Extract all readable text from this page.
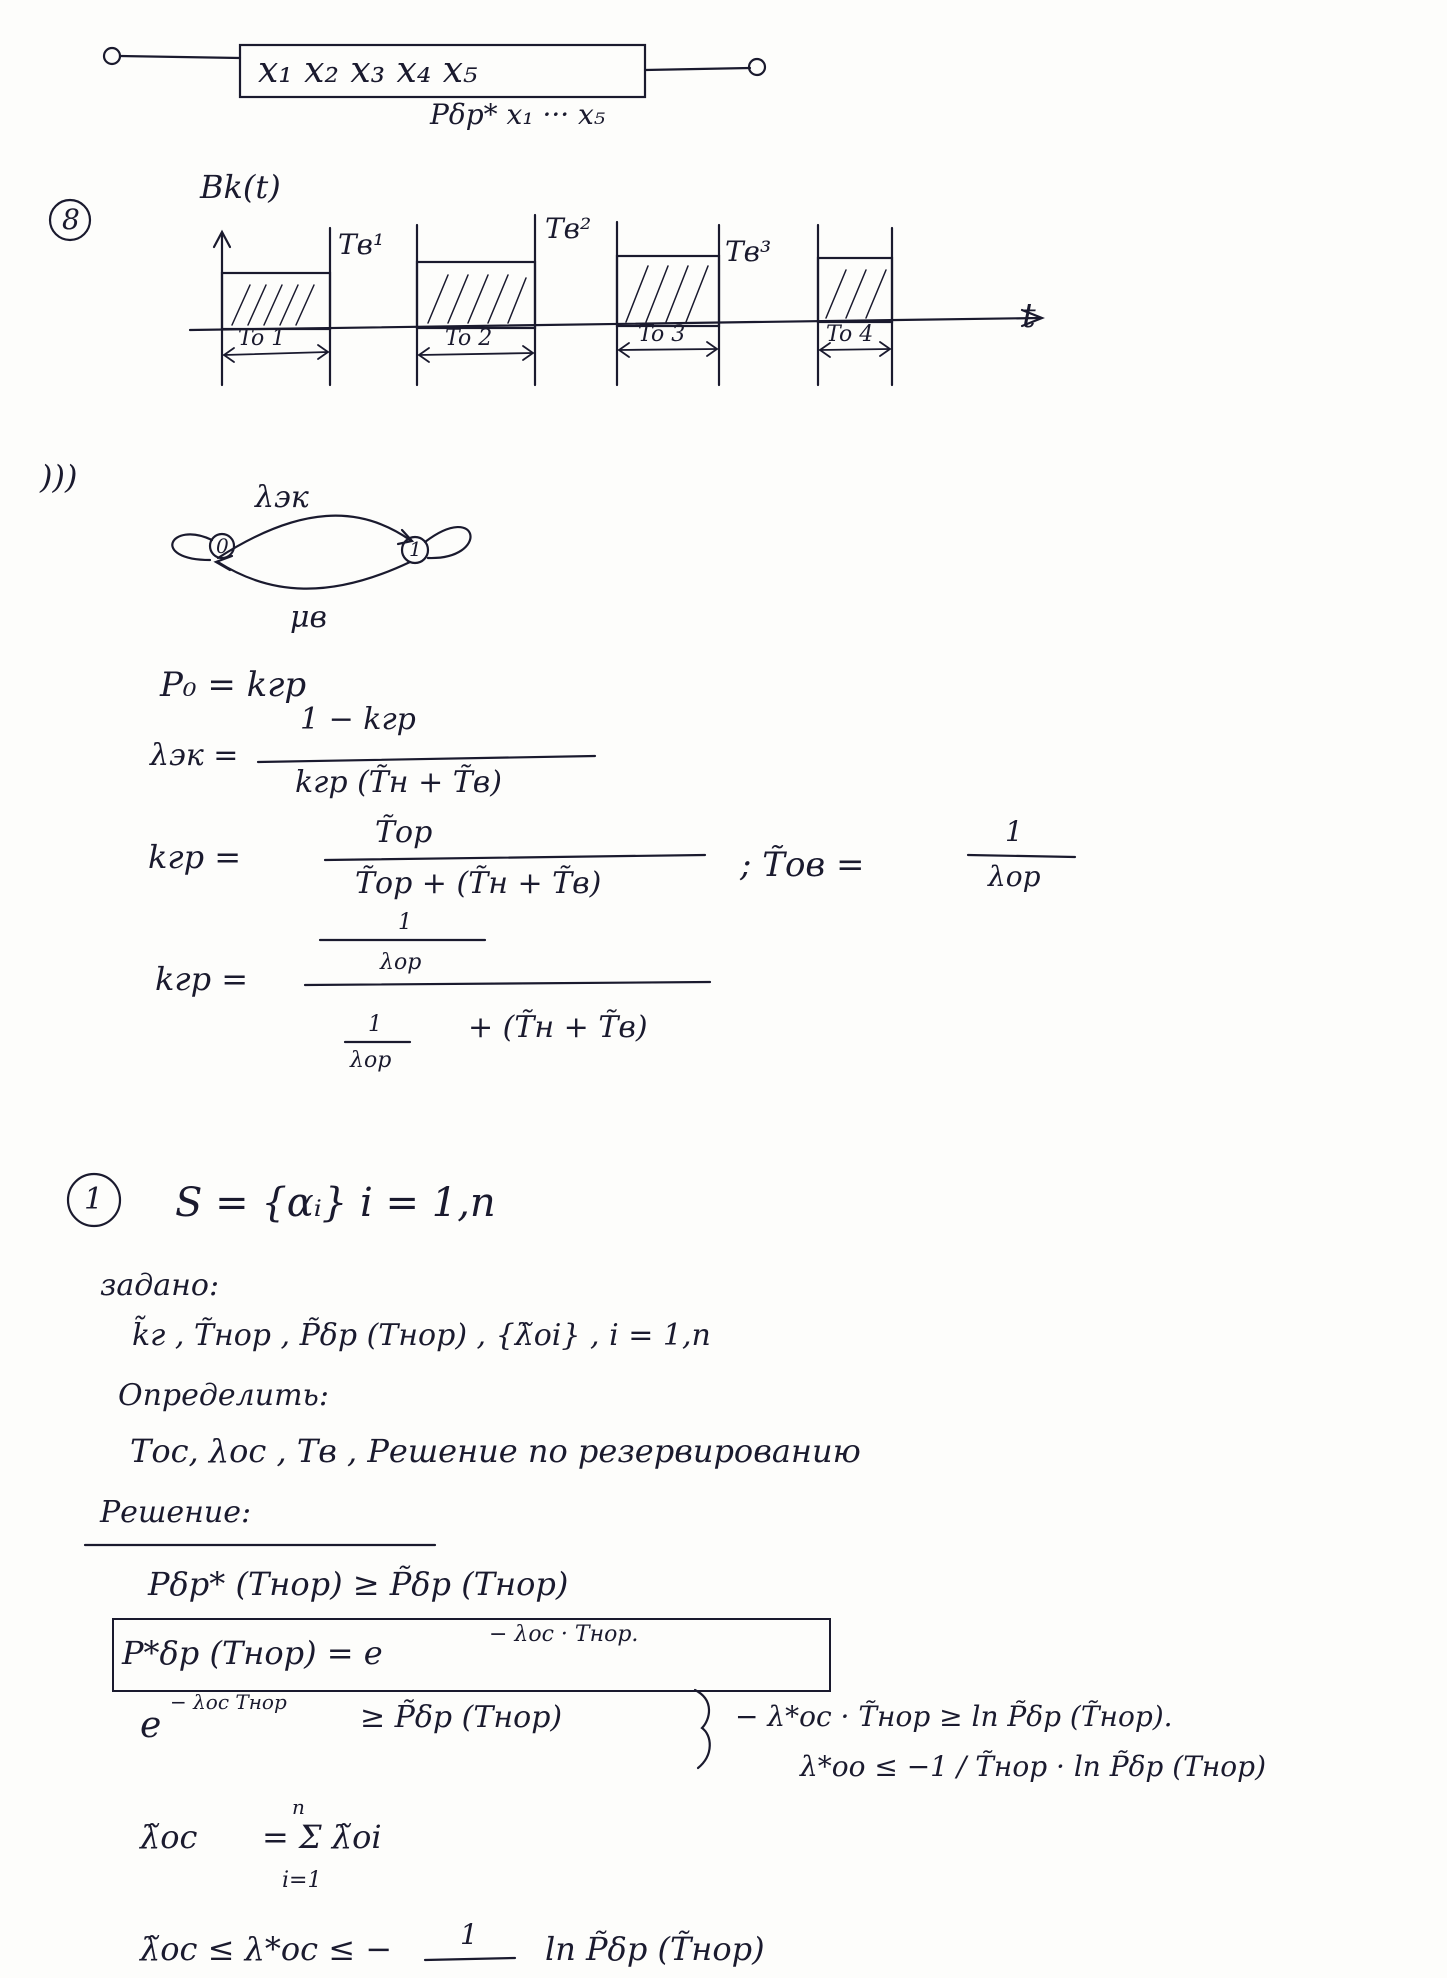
x₁ x₂ x₃ x₄ x₅
Pδp* x₁ ··· x₅
8
Bk(t)
t
Tв¹	Tв²
Tв³
To 1	To 2	To 3	To 4
)))
λэк
μв
0	1
P₀ = kгр
λэк =
1 − kгр
kгр (T̃н + T̃в)
kгр =
T̃ор
T̃ор + (T̃н + T̃в)	; T̃ов =
1
λор
kгр =
1
λор
1
λор
+ (T̃н + T̃в)
1 S = {αᵢ} i = 1,n
задано:
k̃г , T̃нор , P̃δр (Tнор) , {λ̃оi} , i = 1,n
Определить:
Tос, λос , Tв , Решение по резервированию
Решение:
Pδр* (Tнор) ≥ P̃δр (Tнор)
P*δр (Tнор) = e	− λос · Tнор.
e
− λос Tнор ≥ P̃δр (Tнор)	− λ*ос · T̃нор ≥ ln P̃δр (T̃нор).
λ*оо ≤ −1 / T̃нор · ln P̃δр (Tнор)
λ̃ос
n
= Σ λ̃оi
i=1
λ̃ос ≤ λ*ос ≤ − 1 ln P̃δр (T̃нор)
